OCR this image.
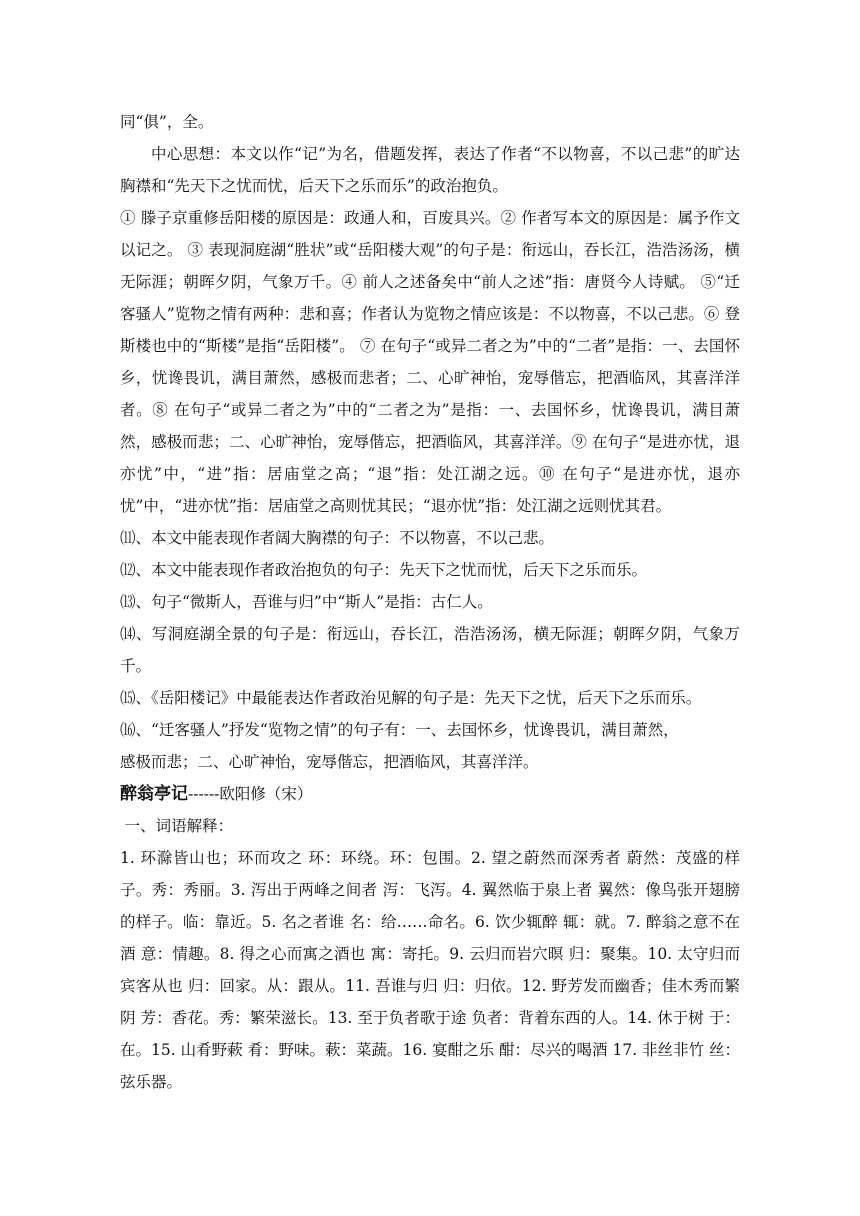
同“俱”，全。

中心思想：本文以作“记”为名，借题发挥，表达了作者“不以物喜，不以己悲”的旷达胸襟和“先天下之忧而忧，后天下之乐而乐”的政治抱负。

① 滕子京重修岳阳楼的原因是：政通人和，百废具兴。② 作者写本文的原因是：属予作文以记之。 ③ 表现洞庭湖“胜状”或“岳阳楼大观”的句子是：衔远山，吞长江，浩浩汤汤，横无际涯；朝晖夕阴，气象万千。④ 前人之述备矣中“前人之述”指：唐贤今人诗赋。 ⑤“迁客骚人”览物之情有两种：悲和喜；作者认为览物之情应该是：不以物喜，不以己悲。⑥ 登斯楼也中的“斯楼”是指“岳阳楼”。 ⑦ 在句子“或异二者之为”中的“二者”是指：一、去国怀乡，忧谗畏讥，满目萧然，感极而悲者；二、心旷神怡，宠辱偕忘，把酒临风，其喜洋洋者。⑧ 在句子“或异二者之为”中的“二者之为”是指：一、去国怀乡，忧谗畏讥，满目萧然，感极而悲；二、心旷神怡，宠辱偕忘，把酒临风，其喜洋洋。⑨ 在句子“是进亦忧，退亦忧”中，“进”指：居庙堂之高；“退”指：处江湖之远。⑩ 在句子“是进亦忧，退亦忧”中，“进亦忧”指：居庙堂之高则忧其民；“退亦忧”指：处江湖之远则忧其君。

⑾、本文中能表现作者阔大胸襟的句子：不以物喜，不以己悲。

⑿、本文中能表现作者政治抱负的句子：先天下之忧而忧，后天下之乐而乐。

⒀、句子“微斯人，吾谁与归”中“斯人”是指：古仁人。

⒁、写洞庭湖全景的句子是：衔远山，吞长江，浩浩汤汤，横无际涯；朝晖夕阴，气象万千。

⒂、《岳阳楼记》中最能表达作者政治见解的句子是：先天下之忧，后天下之乐而乐。

⒃、“迁客骚人”抒发“览物之情”的句子有：一、去国怀乡，忧谗畏讥，满目萧然，

感极而悲；二、心旷神怡，宠辱偕忘，把酒临风，其喜洋洋。

醉翁亭记------欧阳修（宋）

一、词语解释：

1. 环滁皆山也；环而攻之 环：环绕。环：包围。2. 望之蔚然而深秀者 蔚然：茂盛的样子。秀：秀丽。3. 泻出于两峰之间者 泻：飞泻。4. 翼然临于泉上者 翼然：像鸟张开翅膀的样子。临：靠近。5. 名之者谁 名：给……命名。6. 饮少辄醉 辄：就。7. 醉翁之意不在酒 意：情趣。8. 得之心而寓之酒也 寓：寄托。9. 云归而岩穴暝 归：聚集。10. 太守归而宾客从也 归：回家。从：跟从。11. 吾谁与归 归：归依。12. 野芳发而幽香；佳木秀而繁阴 芳：香花。秀：繁荣滋长。13. 至于负者歌于途 负者：背着东西的人。14. 休于树 于：在。15. 山肴野蔌 肴：野味。蔌：菜蔬。16. 宴酣之乐 酣：尽兴的喝酒 17. 非丝非竹 丝：弦乐器。
